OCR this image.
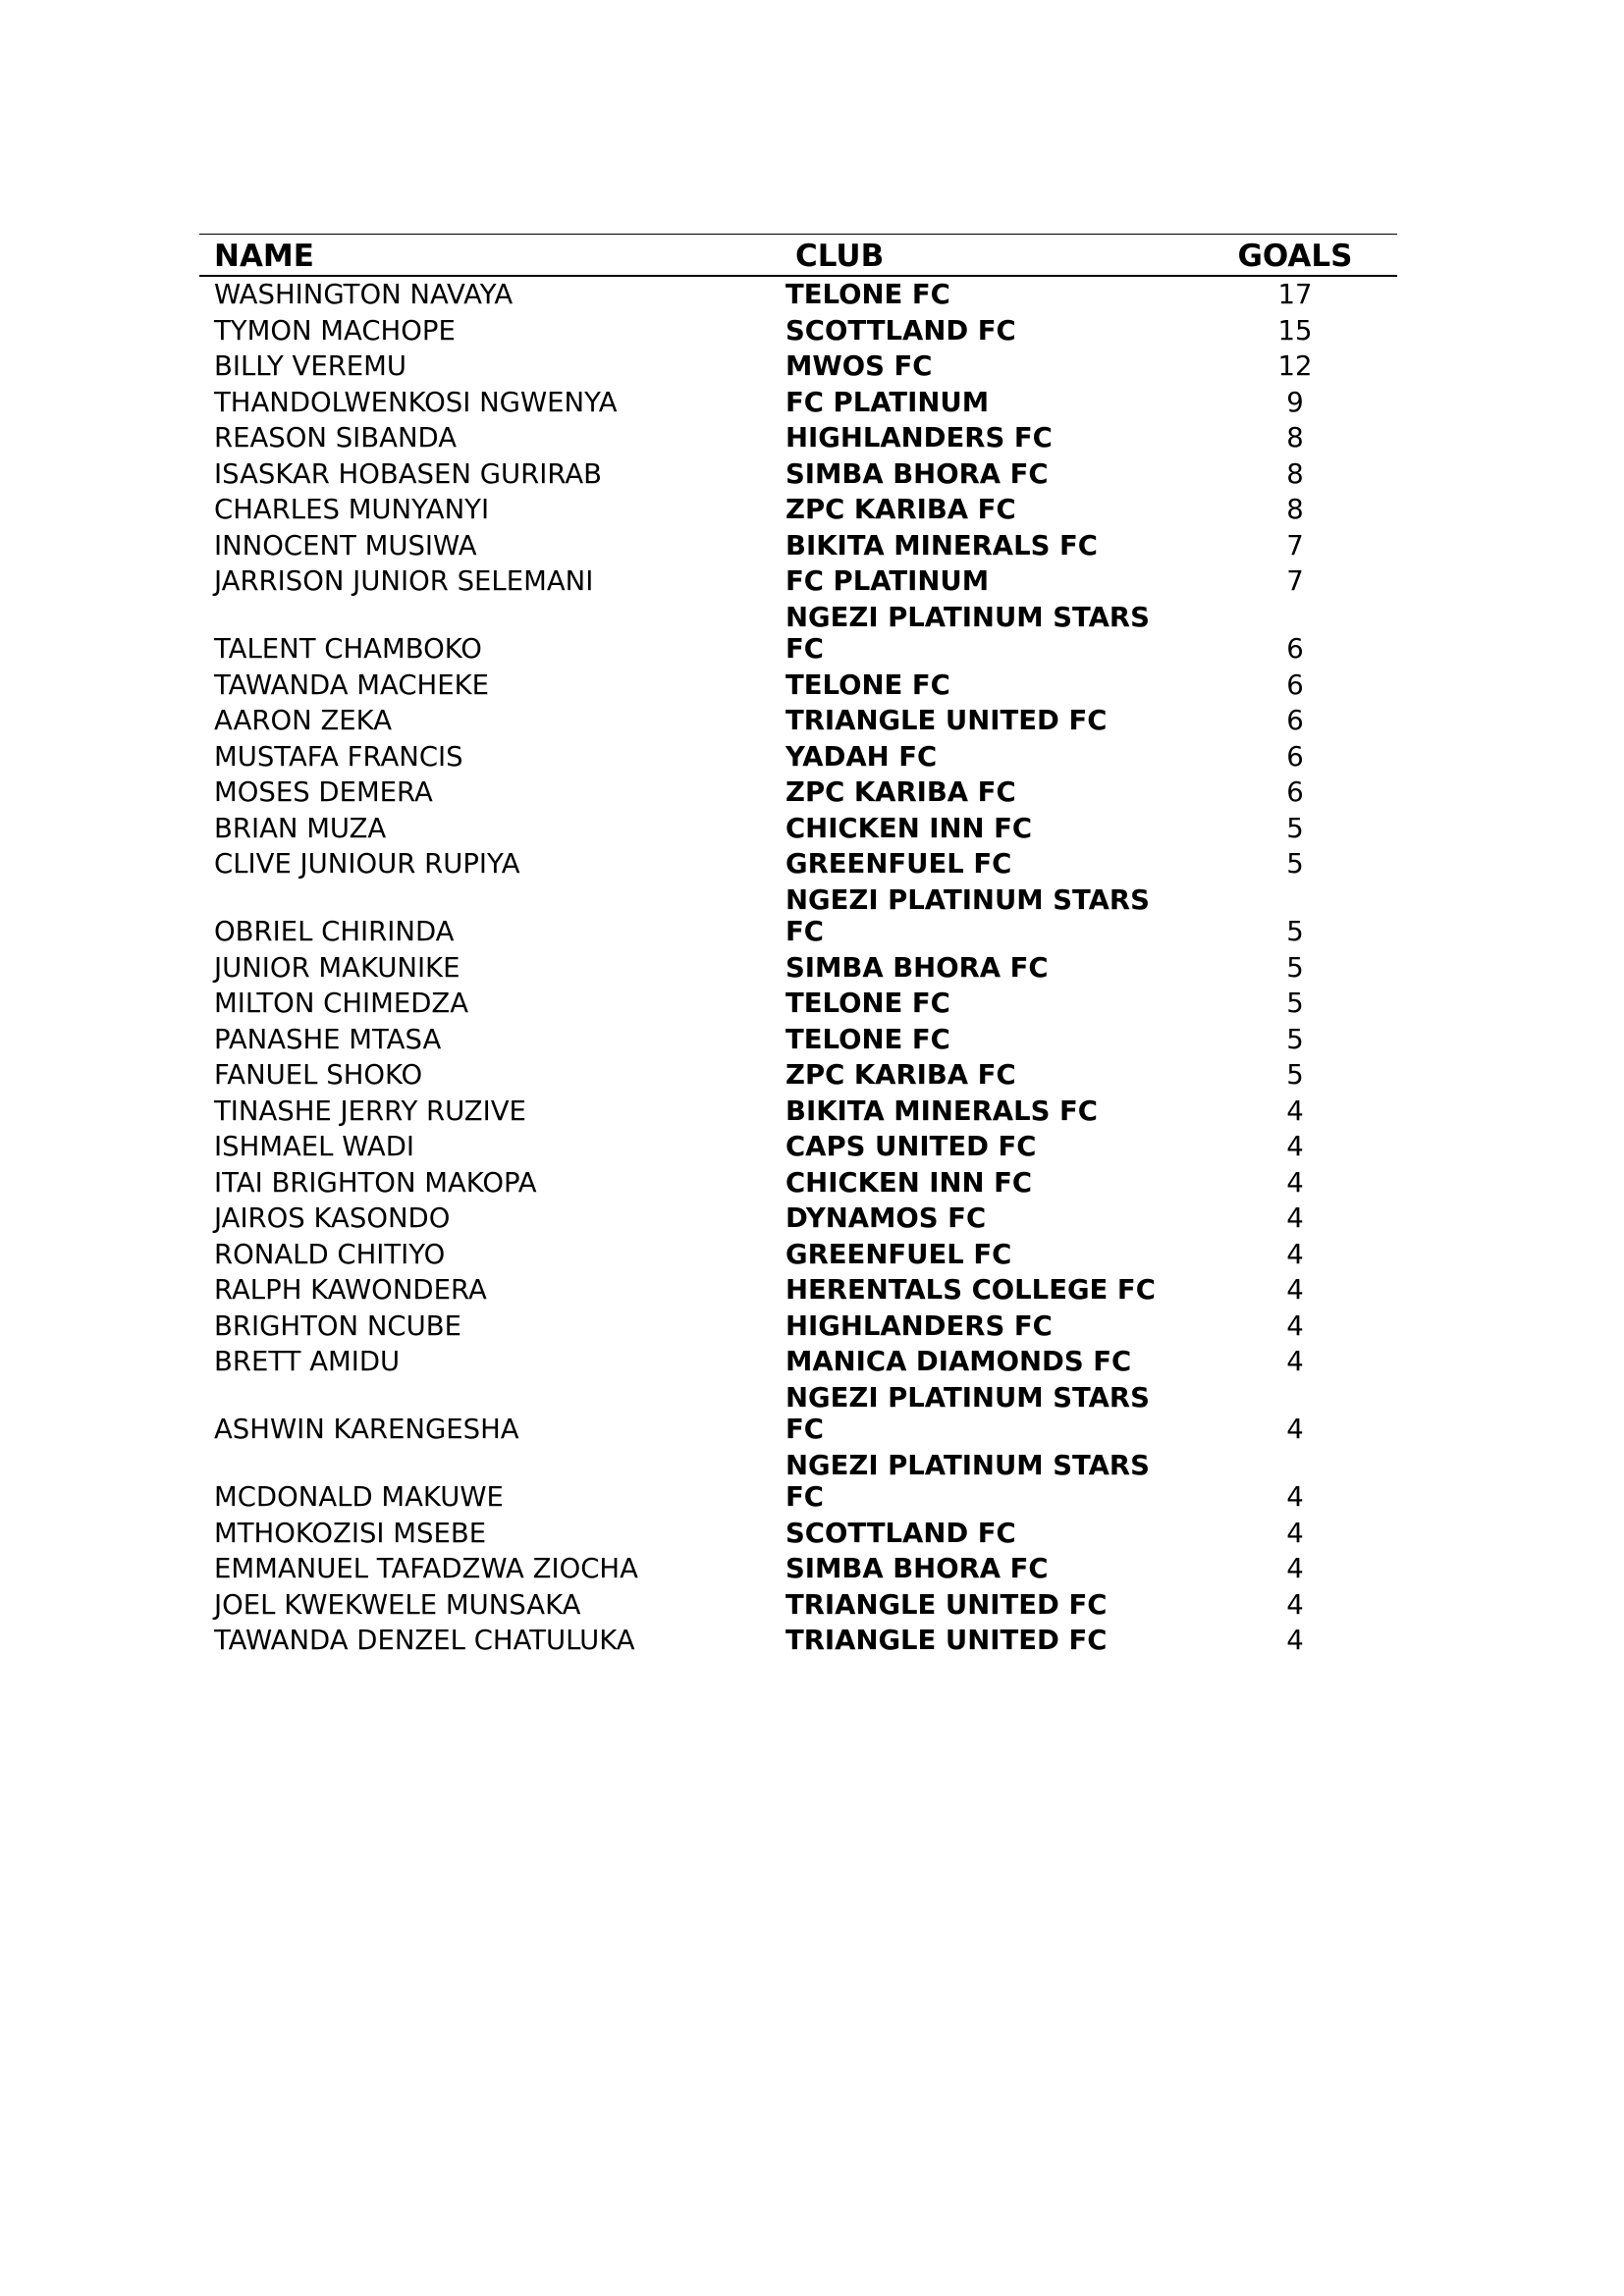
NAME	CLUB	GOALS
WASHINGTON NAVAYA	TELONE FC	17
TYMON MACHOPE	SCOTTLAND FC	15
BILLY VEREMU	MWOS FC	12
THANDOLWENKOSI NGWENYA	FC PLATINUM	9
REASON SIBANDA	HIGHLANDERS FC	8
ISASKAR HOBASEN GURIRAB	SIMBA BHORA FC	8
CHARLES MUNYANYI	ZPC KARIBA FC	8
INNOCENT MUSIWA	BIKITA MINERALS FC	7
JARRISON JUNIOR SELEMANI	FC PLATINUM	7
TALENT CHAMBOKO	NGEZI PLATINUM STARS FC	6
TAWANDA MACHEKE	TELONE FC	6
AARON ZEKA	TRIANGLE UNITED FC	6
MUSTAFA FRANCIS	YADAH FC	6
MOSES DEMERA	ZPC KARIBA FC	6
BRIAN MUZA	CHICKEN INN FC	5
CLIVE JUNIOUR RUPIYA	GREENFUEL FC	5
OBRIEL CHIRINDA	NGEZI PLATINUM STARS FC	5
JUNIOR MAKUNIKE	SIMBA BHORA FC	5
MILTON CHIMEDZA	TELONE FC	5
PANASHE MTASA	TELONE FC	5
FANUEL SHOKO	ZPC KARIBA FC	5
TINASHE JERRY RUZIVE	BIKITA MINERALS FC	4
ISHMAEL WADI	CAPS UNITED FC	4
ITAI BRIGHTON MAKOPA	CHICKEN INN FC	4
JAIROS KASONDO	DYNAMOS FC	4
RONALD CHITIYO	GREENFUEL FC	4
RALPH KAWONDERA	HERENTALS COLLEGE FC	4
BRIGHTON NCUBE	HIGHLANDERS FC	4
BRETT AMIDU	MANICA DIAMONDS FC	4
ASHWIN KARENGESHA	NGEZI PLATINUM STARS FC	4
MCDONALD MAKUWE	NGEZI PLATINUM STARS FC	4
MTHOKOZISI MSEBE	SCOTTLAND FC	4
EMMANUEL TAFADZWA ZIOCHA	SIMBA BHORA FC	4
JOEL KWEKWELE MUNSAKA	TRIANGLE UNITED FC	4
TAWANDA DENZEL CHATULUKA	TRIANGLE UNITED FC	4
